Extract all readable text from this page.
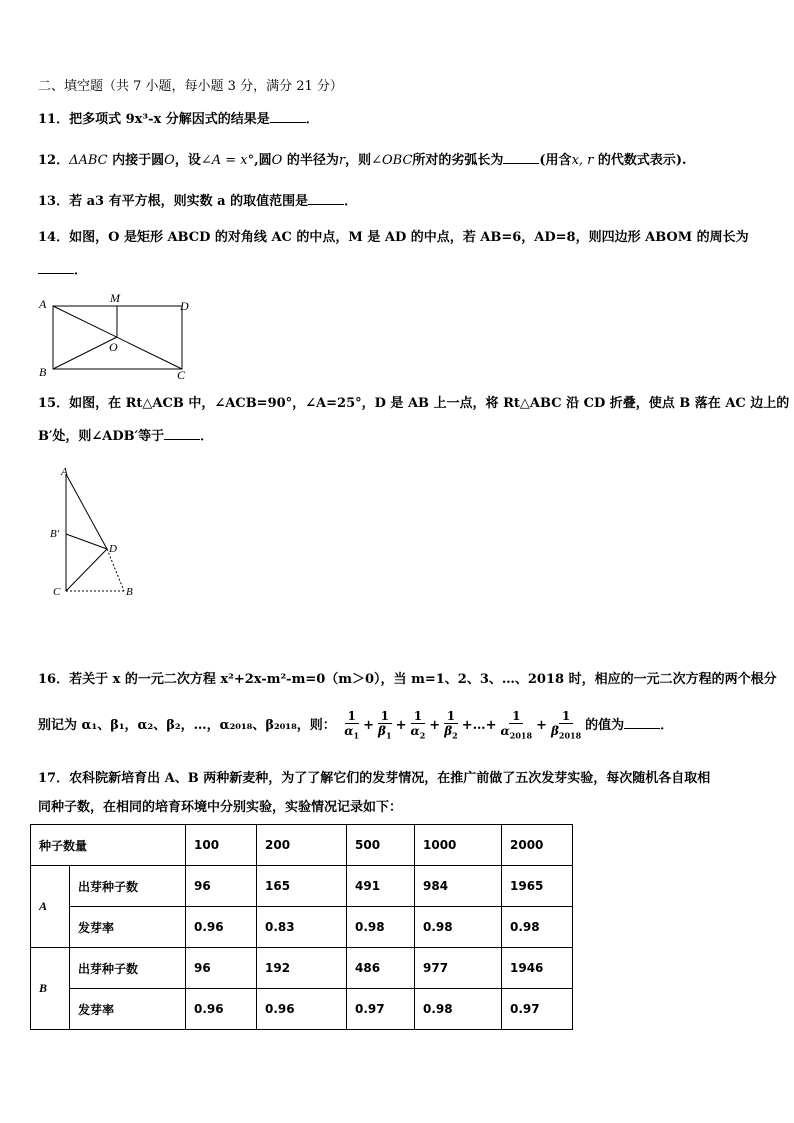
二、填空题（共 7 小题，每小题 3 分，满分 21 分）
11．把多项式 9x³-x 分解因式的结果是	．
12．ΔABC 内接于圆O，设∠A = x°,圆O 的半径为r，则∠OBC所对的劣弧长为	(用含x, r 的代数式表示).
13．若 a3 有平方根，则实数 a 的取值范围是	．
14．如图，O 是矩形 ABCD 的对角线 AC 的中点，M 是 AD 的中点，若 AB=6，AD=8，则四边形 ABOM 的周长为
．
A	M
D
O
B	C
15．如图，在 Rt△ACB 中，∠ACB=90°，∠A=25°，D 是 AB 上一点，将 Rt△ABC 沿 CD 折叠，使点 B 落在 AC 边上的
B′处，则∠ADB′等于	．
A
B′
D
C	B
16．若关于 x 的一元二次方程 x²+2x-m²-m=0（m＞0），当 m=1、2、3、…、2018 时，相应的一元二次方程的两个根分
别记为 α₁、β₁，α₂、β₂，…，α₂₀₁₈、β₂₀₁₈，则： $\frac{1}{\alpha_1} + \frac{1}{\beta_1} + \frac{1}{\alpha_2} + \frac{1}{\beta_2}$ +…+ $\frac{1}{\alpha_{2018}} + \frac{1}{\beta_{2018}}$ 的值为	．
17．农科院新培育出 A、B 两种新麦种，为了了解它们的发芽情况，在推广前做了五次发芽实验，每次随机各自取相
同种子数，在相同的培育环境中分别实验，实验情况记录如下：
种子数量		100	200	500	1000	2000
A	出芽种子数	96	165	491	984	1965
	发芽率	0.96	0.83	0.98	0.98	0.98
B	出芽种子数	96	192	486	977	1946
	发芽率	0.96	0.96	0.97	0.98	0.97
